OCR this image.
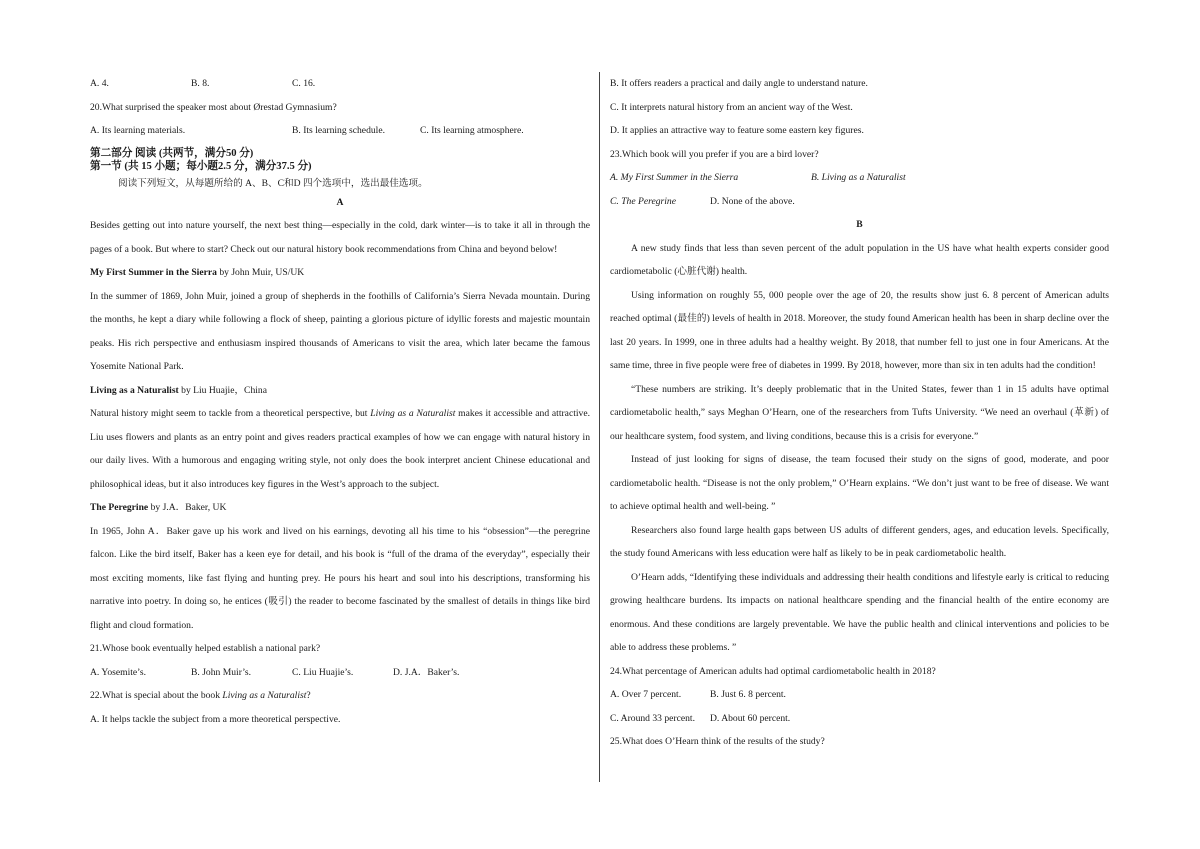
A. 4.	B. 8.	C. 16.

20.What surprised the speaker most about Ørestad Gymnasium?

A. Its learning materials.	B. Its learning schedule.	C. Its learning atmosphere.

第二部分 阅读 (共两节，满分50 分)

第一节 (共 15 小题；每小题2.5 分，满分37.5 分)

阅读下列短文，从每题所给的 A、B、C和D 四个选项中，选出最佳选项。

A

Besides getting out into nature yourself, the next best thing—especially in the cold, dark winter—is to take it all in through the pages of a book. But where to start? Check out our natural history book recommendations from China and beyond below!

My First Summer in the Sierra by John Muir, US/UK

In the summer of 1869, John Muir, joined a group of shepherds in the foothills of California’s Sierra Nevada mountain. During the months, he kept a diary while following a flock of sheep, painting a glorious picture of idyllic forests and majestic mountain peaks. His rich perspective and enthusiasm inspired thousands of Americans to visit the area, which later became the famous Yosemite National Park.

Living as a Naturalist by Liu Huajie，China

Natural history might seem to tackle from a theoretical perspective, but Living as a Naturalist makes it accessible and attractive. Liu uses flowers and plants as an entry point and gives readers practical examples of how we can engage with natural history in our daily lives. With a humorous and engaging writing style, not only does the book interpret ancient Chinese educational and philosophical ideas, but it also introduces key figures in the West’s approach to the subject.

The Peregrine by J.A．Baker, UK

In 1965, John A．Baker gave up his work and lived on his earnings, devoting all his time to his “obsession”—the peregrine falcon. Like the bird itself, Baker has a keen eye for detail, and his book is “full of the drama of the everyday”, especially their most exciting moments, like fast flying and hunting prey. He pours his heart and soul into his descriptions, transforming his narrative into poetry. In doing so, he entices (吸引) the reader to become fascinated by the smallest of details in things like bird flight and cloud formation.

21.Whose book eventually helped establish a national park?

A. Yosemite’s.	B. John Muir’s.	C. Liu Huajie’s.	D. J.A．Baker’s.

22.What is special about the book Living as a Naturalist?

A. It helps tackle the subject from a more theoretical perspective.

B. It offers readers a practical and daily angle to understand nature.

C. It interprets natural history from an ancient way of the West.

D. It applies an attractive way to feature some eastern key figures.

23.Which book will you prefer if you are a bird lover?

A. My First Summer in the Sierra	B. Living as a Naturalist
C. The Peregrine	D. None of the above.

B

A new study finds that less than seven percent of the adult population in the US have what health experts consider good cardiometabolic (心脏代谢) health.

Using information on roughly 55, 000 people over the age of 20, the results show just 6. 8 percent of American adults reached optimal (最佳的) levels of health in 2018. Moreover, the study found American health has been in sharp decline over the last 20 years. In 1999, one in three adults had a healthy weight. By 2018, that number fell to just one in four Americans. At the same time, three in five people were free of diabetes in 1999. By 2018, however, more than six in ten adults had the condition!

“These numbers are striking. It’s deeply problematic that in the United States, fewer than 1 in 15 adults have optimal cardiometabolic health,” says Meghan O’Hearn, one of the researchers from Tufts University. “We need an overhaul (革新) of our healthcare system, food system, and living conditions, because this is a crisis for everyone.”

Instead of just looking for signs of disease, the team focused their study on the signs of good, moderate, and poor cardiometabolic health. “Disease is not the only problem,” O’Hearn explains. “We don’t just want to be free of disease. We want to achieve optimal health and well-being. ”

Researchers also found large health gaps between US adults of different genders, ages, and education levels. Specifically, the study found Americans with less education were half as likely to be in peak cardiometabolic health.

O’Hearn adds, “Identifying these individuals and addressing their health conditions and lifestyle early is critical to reducing growing healthcare burdens. Its impacts on national healthcare spending and the financial health of the entire economy are enormous. And these conditions are largely preventable. We have the public health and clinical interventions and policies to be able to address these problems. ”

24.What percentage of American adults had optimal cardiometabolic health in 2018?

A. Over 7 percent.	B. Just 6. 8 percent.
C. Around 33 percent.	D. About 60 percent.

25.What does O’Hearn think of the results of the study?
